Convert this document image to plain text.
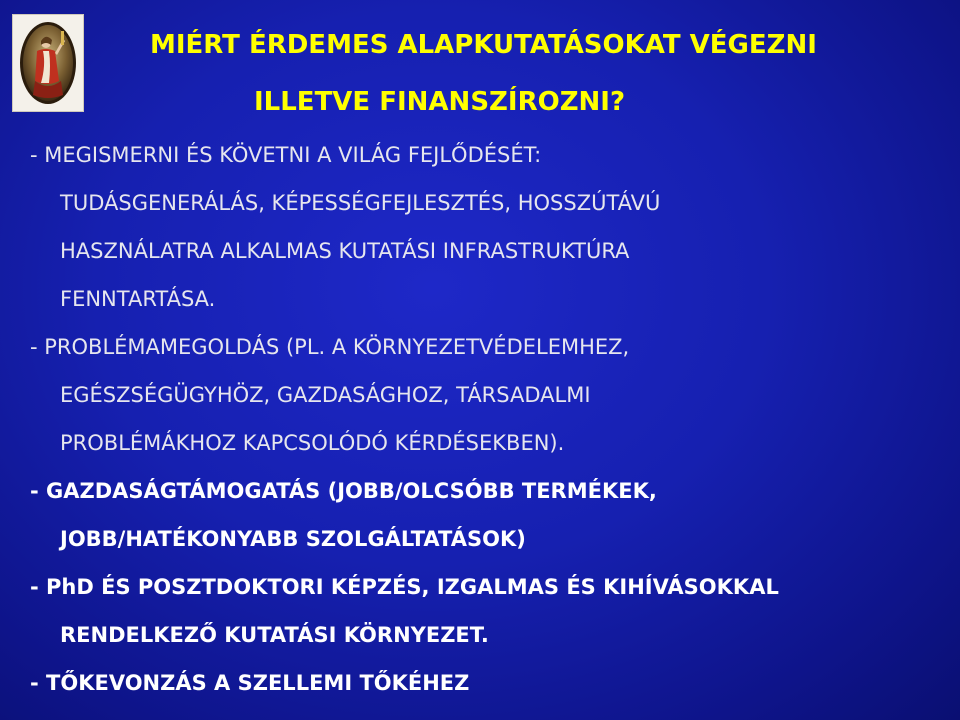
MIÉRT ÉRDEMES ALAPKUTATÁSOKAT VÉGEZNI
ILLETVE FINANSZÍROZNI?
- MEGISMERNI ÉS KÖVETNI A VILÁG FEJLŐDÉSÉT:
TUDÁSGENERÁLÁS, KÉPESSÉGFEJLESZTÉS, HOSSZÚTÁVÚ
HASZNÁLATRA ALKALMAS KUTATÁSI INFRASTRUKTÚRA
FENNTARTÁSA.
- PROBLÉMAMEGOLDÁS (PL. A KÖRNYEZETVÉDELEMHEZ,
EGÉSZSÉGÜGYHÖZ, GAZDASÁGHOZ, TÁRSADALMI
PROBLÉMÁKHOZ KAPCSOLÓDÓ KÉRDÉSEKBEN).
- GAZDASÁGTÁMOGATÁS (JOBB/OLCSÓBB TERMÉKEK,
JOBB/HATÉKONYABB SZOLGÁLTATÁSOK)
- PhD ÉS POSZTDOKTORI KÉPZÉS, IZGALMAS ÉS KIHÍVÁSOKKAL
RENDELKEZŐ KUTATÁSI KÖRNYEZET.
- TŐKEVONZÁS A SZELLEMI TŐKÉHEZ
